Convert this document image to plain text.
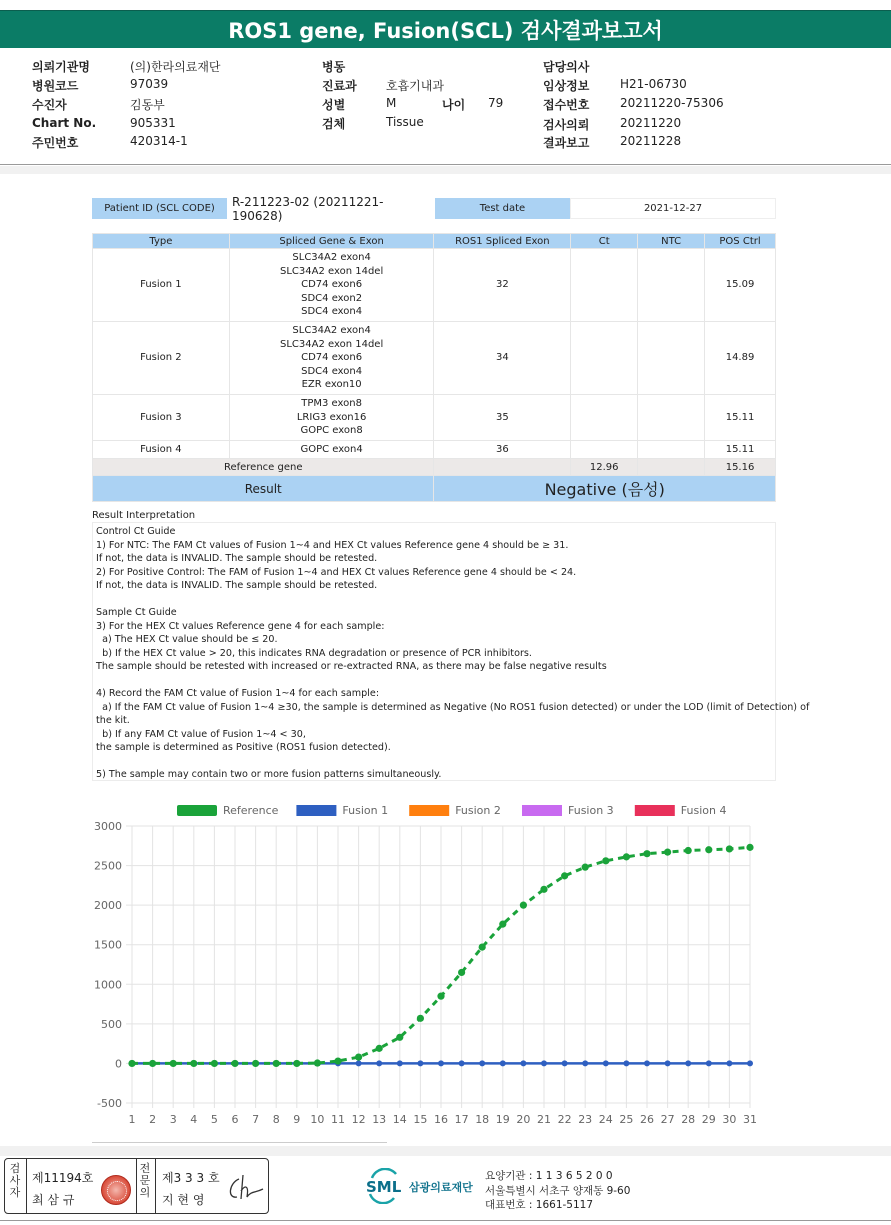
ROS1 gene, Fusion(SCL) 검사결과보고서
의뢰기관명	(의)한라의료재단
병원코드	97039
수진자	김동부
Chart No.	905331
주민번호	420314-1
병동
진료과 호흡기내과
성별	M	나이 79
검체	Tissue
담당의사
임상정보	H21-06730
접수번호	20211220-75306
검사의뢰	20211220
결과보고	20211228
Patient ID (SCL CODE)	R-211223-02 (20211221-190628)	Test date	2021-12-27
Type	Spliced Gene & Exon	ROS1 Spliced Exon	Ct	NTC	POS Ctrl
Fusion 1	SLC34A2 exon4
SLC34A2 exon 14del
CD74 exon6
SDC4 exon2
SDC4 exon4	32			15.09
Fusion 2	SLC34A2 exon4
SLC34A2 exon 14del
CD74 exon6
SDC4 exon4
EZR exon10	34			14.89
Fusion 3	TPM3 exon8
LRIG3 exon16
GOPC exon8	35			15.11
Fusion 4	GOPC exon4	36			15.11
Reference gene			12.96		15.16
Result		Negative (음성)			
Result Interpretation
Control Ct Guide
1) For NTC: The FAM Ct values of Fusion 1~4 and HEX Ct values Reference gene 4 should be ≥ 31.
If not, the data is INVALID. The sample should be retested.
2) For Positive Control: The FAM of Fusion 1~4 and HEX Ct values Reference gene 4 should be < 24.
If not, the data is INVALID. The sample should be retested.
Sample Ct Guide
3) For the HEX Ct values Reference gene 4 for each sample:
a) The HEX Ct value should be ≤ 20.
b) If the HEX Ct value > 20, this indicates RNA degradation or presence of PCR inhibitors.
The sample should be retested with increased or re-extracted RNA, as there may be false negative results
4) Record the FAM Ct value of Fusion 1~4 for each sample:
a) If the FAM Ct value of Fusion 1~4 ≥30, the sample is determined as Negative (No ROS1 fusion detected) or under the LOD (limit of Detection) of
the kit.
b) If any FAM Ct value of Fusion 1~4 < 30,
the sample is determined as Positive (ROS1 fusion detected).
5) The sample may contain two or more fusion patterns simultaneously.
-500
0
500
1000
1500
2000
2500
3000
1 2 3 4 5 6 7 8 9 10 11 12 13 14 15 16 17 18 19 20 21 22 23 24 25 26 27 28 29 30 31
Reference	Fusion 1	Fusion 2	Fusion 3	Fusion 4
검
사
자
제11194호
최 삼 규
전
문
의
제3 3 3 호
지 현 영
SML 삼광의료재단
요양기관 : 1 1 3 6 5 2 0 0
서울특별시 서초구 양재동 9-60
대표번호 : 1661-5117
